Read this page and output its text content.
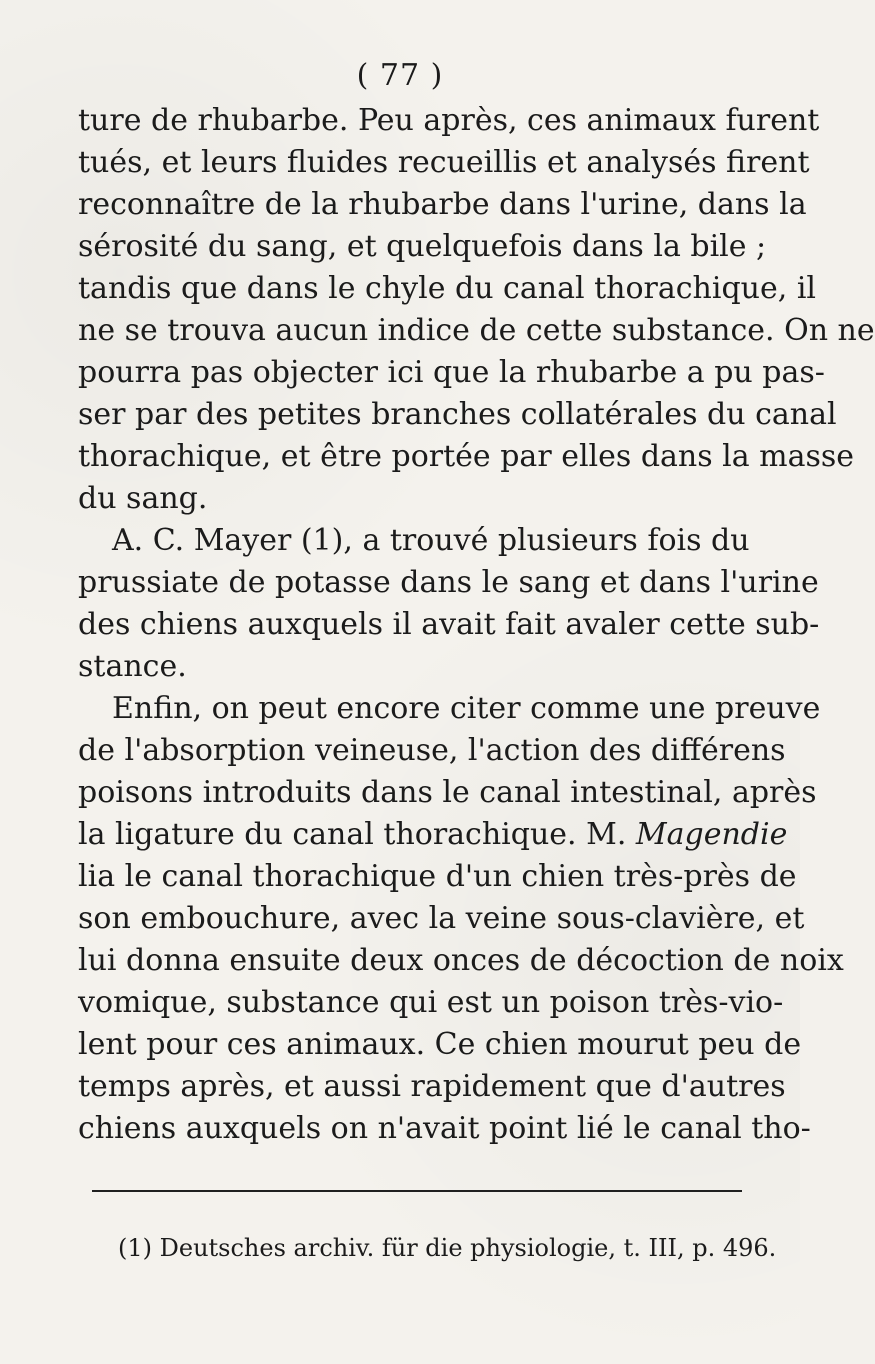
( 77 )
ture de rhubarbe. Peu après, ces animaux furent
tués, et leurs fluides recueillis et analysés firent
reconnaître de la rhubarbe dans l'urine, dans la
sérosité du sang, et quelquefois dans la bile ;
tandis que dans le chyle du canal thorachique, il
ne se trouva aucun indice de cette substance. On ne
pourra pas objecter ici que la rhubarbe a pu pas-
ser par des petites branches collatérales du canal
thorachique, et être portée par elles dans la masse
du sang.
A. C. Mayer (1), a trouvé plusieurs fois du
prussiate de potasse dans le sang et dans l'urine
des chiens auxquels il avait fait avaler cette sub-
stance.
Enfin, on peut encore citer comme une preuve
de l'absorption veineuse, l'action des différens
poisons introduits dans le canal intestinal, après
la ligature du canal thorachique. M. Magendie
lia le canal thorachique d'un chien très-près de
son embouchure, avec la veine sous-clavière, et
lui donna ensuite deux onces de décoction de noix
vomique, substance qui est un poison très-vio-
lent pour ces animaux. Ce chien mourut peu de
temps après, et aussi rapidement que d'autres
chiens auxquels on n'avait point lié le canal tho-
(1) Deutsches archiv. für die physiologie, t. III, p. 496.
